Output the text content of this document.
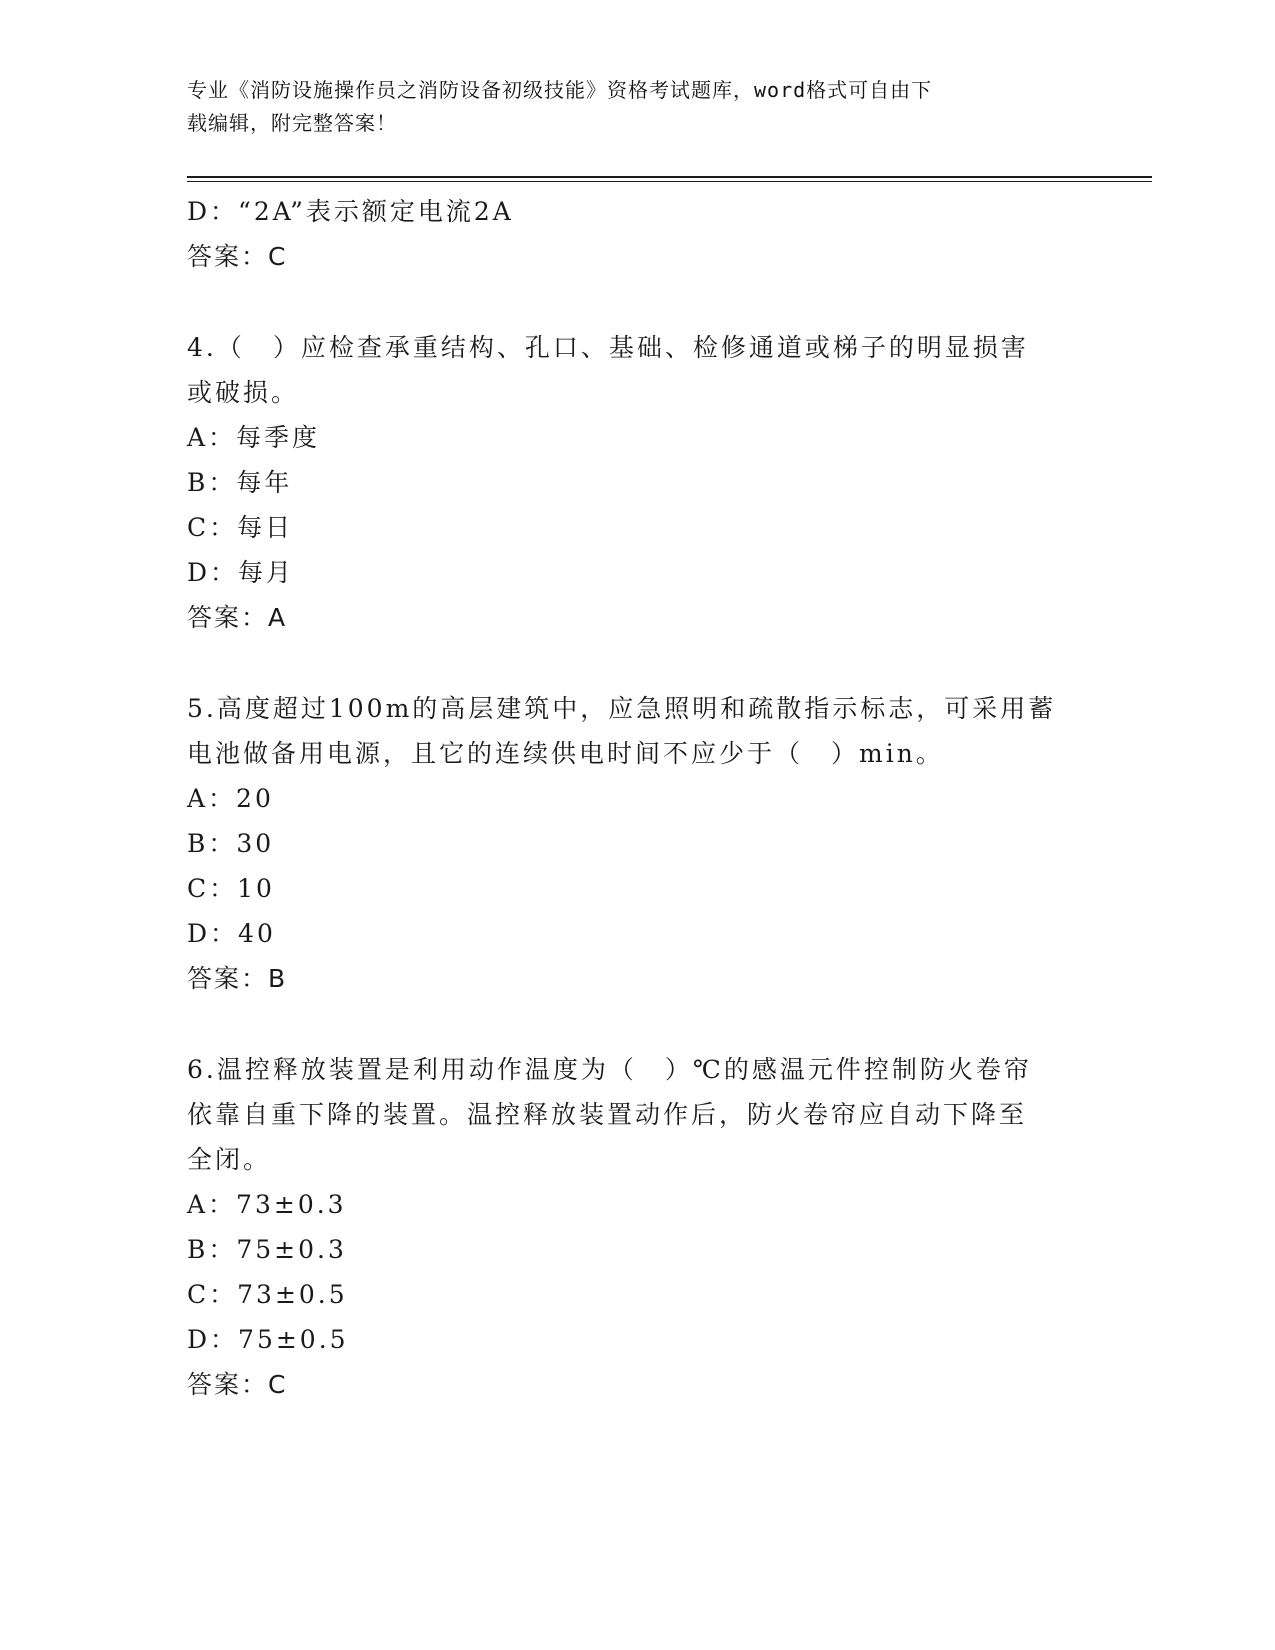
专业《消防设施操作员之消防设备初级技能》资格考试题库，word格式可自由下
载编辑，附完整答案！
D：“2A”表示额定电流2A
答案：C
4.（　）应检查承重结构、孔口、基础、检修通道或梯子的明显损害
或破损。
A：每季度
B：每年
C：每日
D：每月
答案：A
5.高度超过100m的高层建筑中，应急照明和疏散指示标志，可采用蓄
电池做备用电源，且它的连续供电时间不应少于（　）min。
A：20
B：30
C：10
D：40
答案：B
6.温控释放装置是利用动作温度为（　）℃的感温元件控制防火卷帘
依靠自重下降的装置。温控释放装置动作后，防火卷帘应自动下降至
全闭。
A：73±0.3
B：75±0.3
C：73±0.5
D：75±0.5
答案：C
